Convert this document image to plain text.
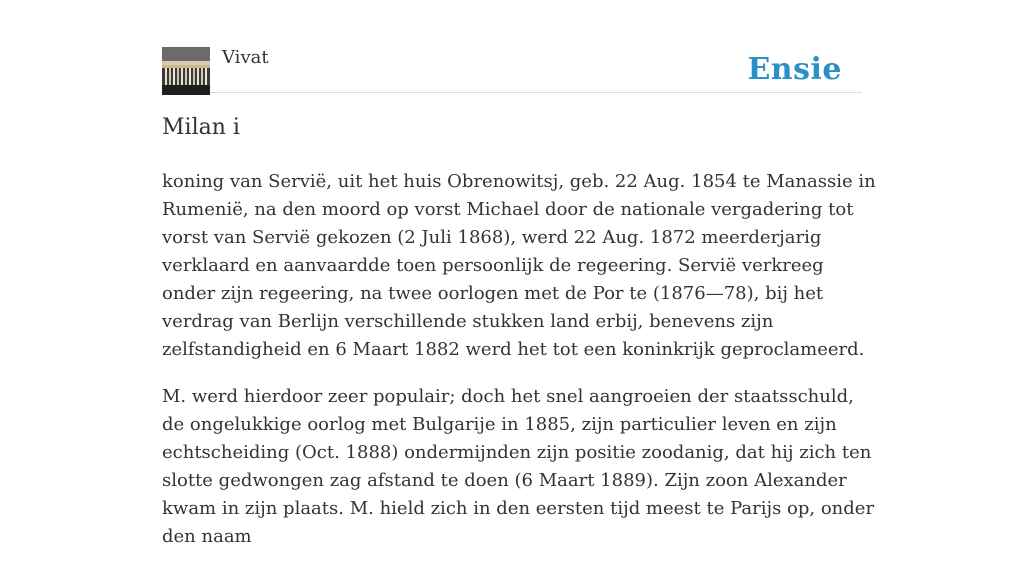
Vivat	Ensie
Milan i

koning van Servië, uit het huis Obrenowitsj, geb. 22 Aug. 1854 te Manassie in Rumenië, na den moord op vorst Michael door de nationale vergadering tot vorst van Servië gekozen (2 Juli 1868), werd 22 Aug. 1872 meerderjarig verklaard en aanvaardde toen persoonlijk de regeering. Servië verkreeg onder zijn regeering, na twee oorlogen met de Por te (1876—78), bij het verdrag van Berlijn verschillende stukken land erbij, benevens zijn zelfstandigheid en 6 Maart 1882 werd het tot een koninkrijk geproclameerd.

M. werd hierdoor zeer populair; doch het snel aangroeien der staatsschuld, de ongelukkige oorlog met Bulgarije in 1885, zijn particulier leven en zijn echtscheiding (Oct. 1888) ondermijnden zijn positie zoodanig, dat hij zich ten slotte gedwongen zag afstand te doen (6 Maart 1889). Zijn zoon Alexander kwam in zijn plaats. M. hield zich in den eersten tijd meest te Parijs op, onder den naam
